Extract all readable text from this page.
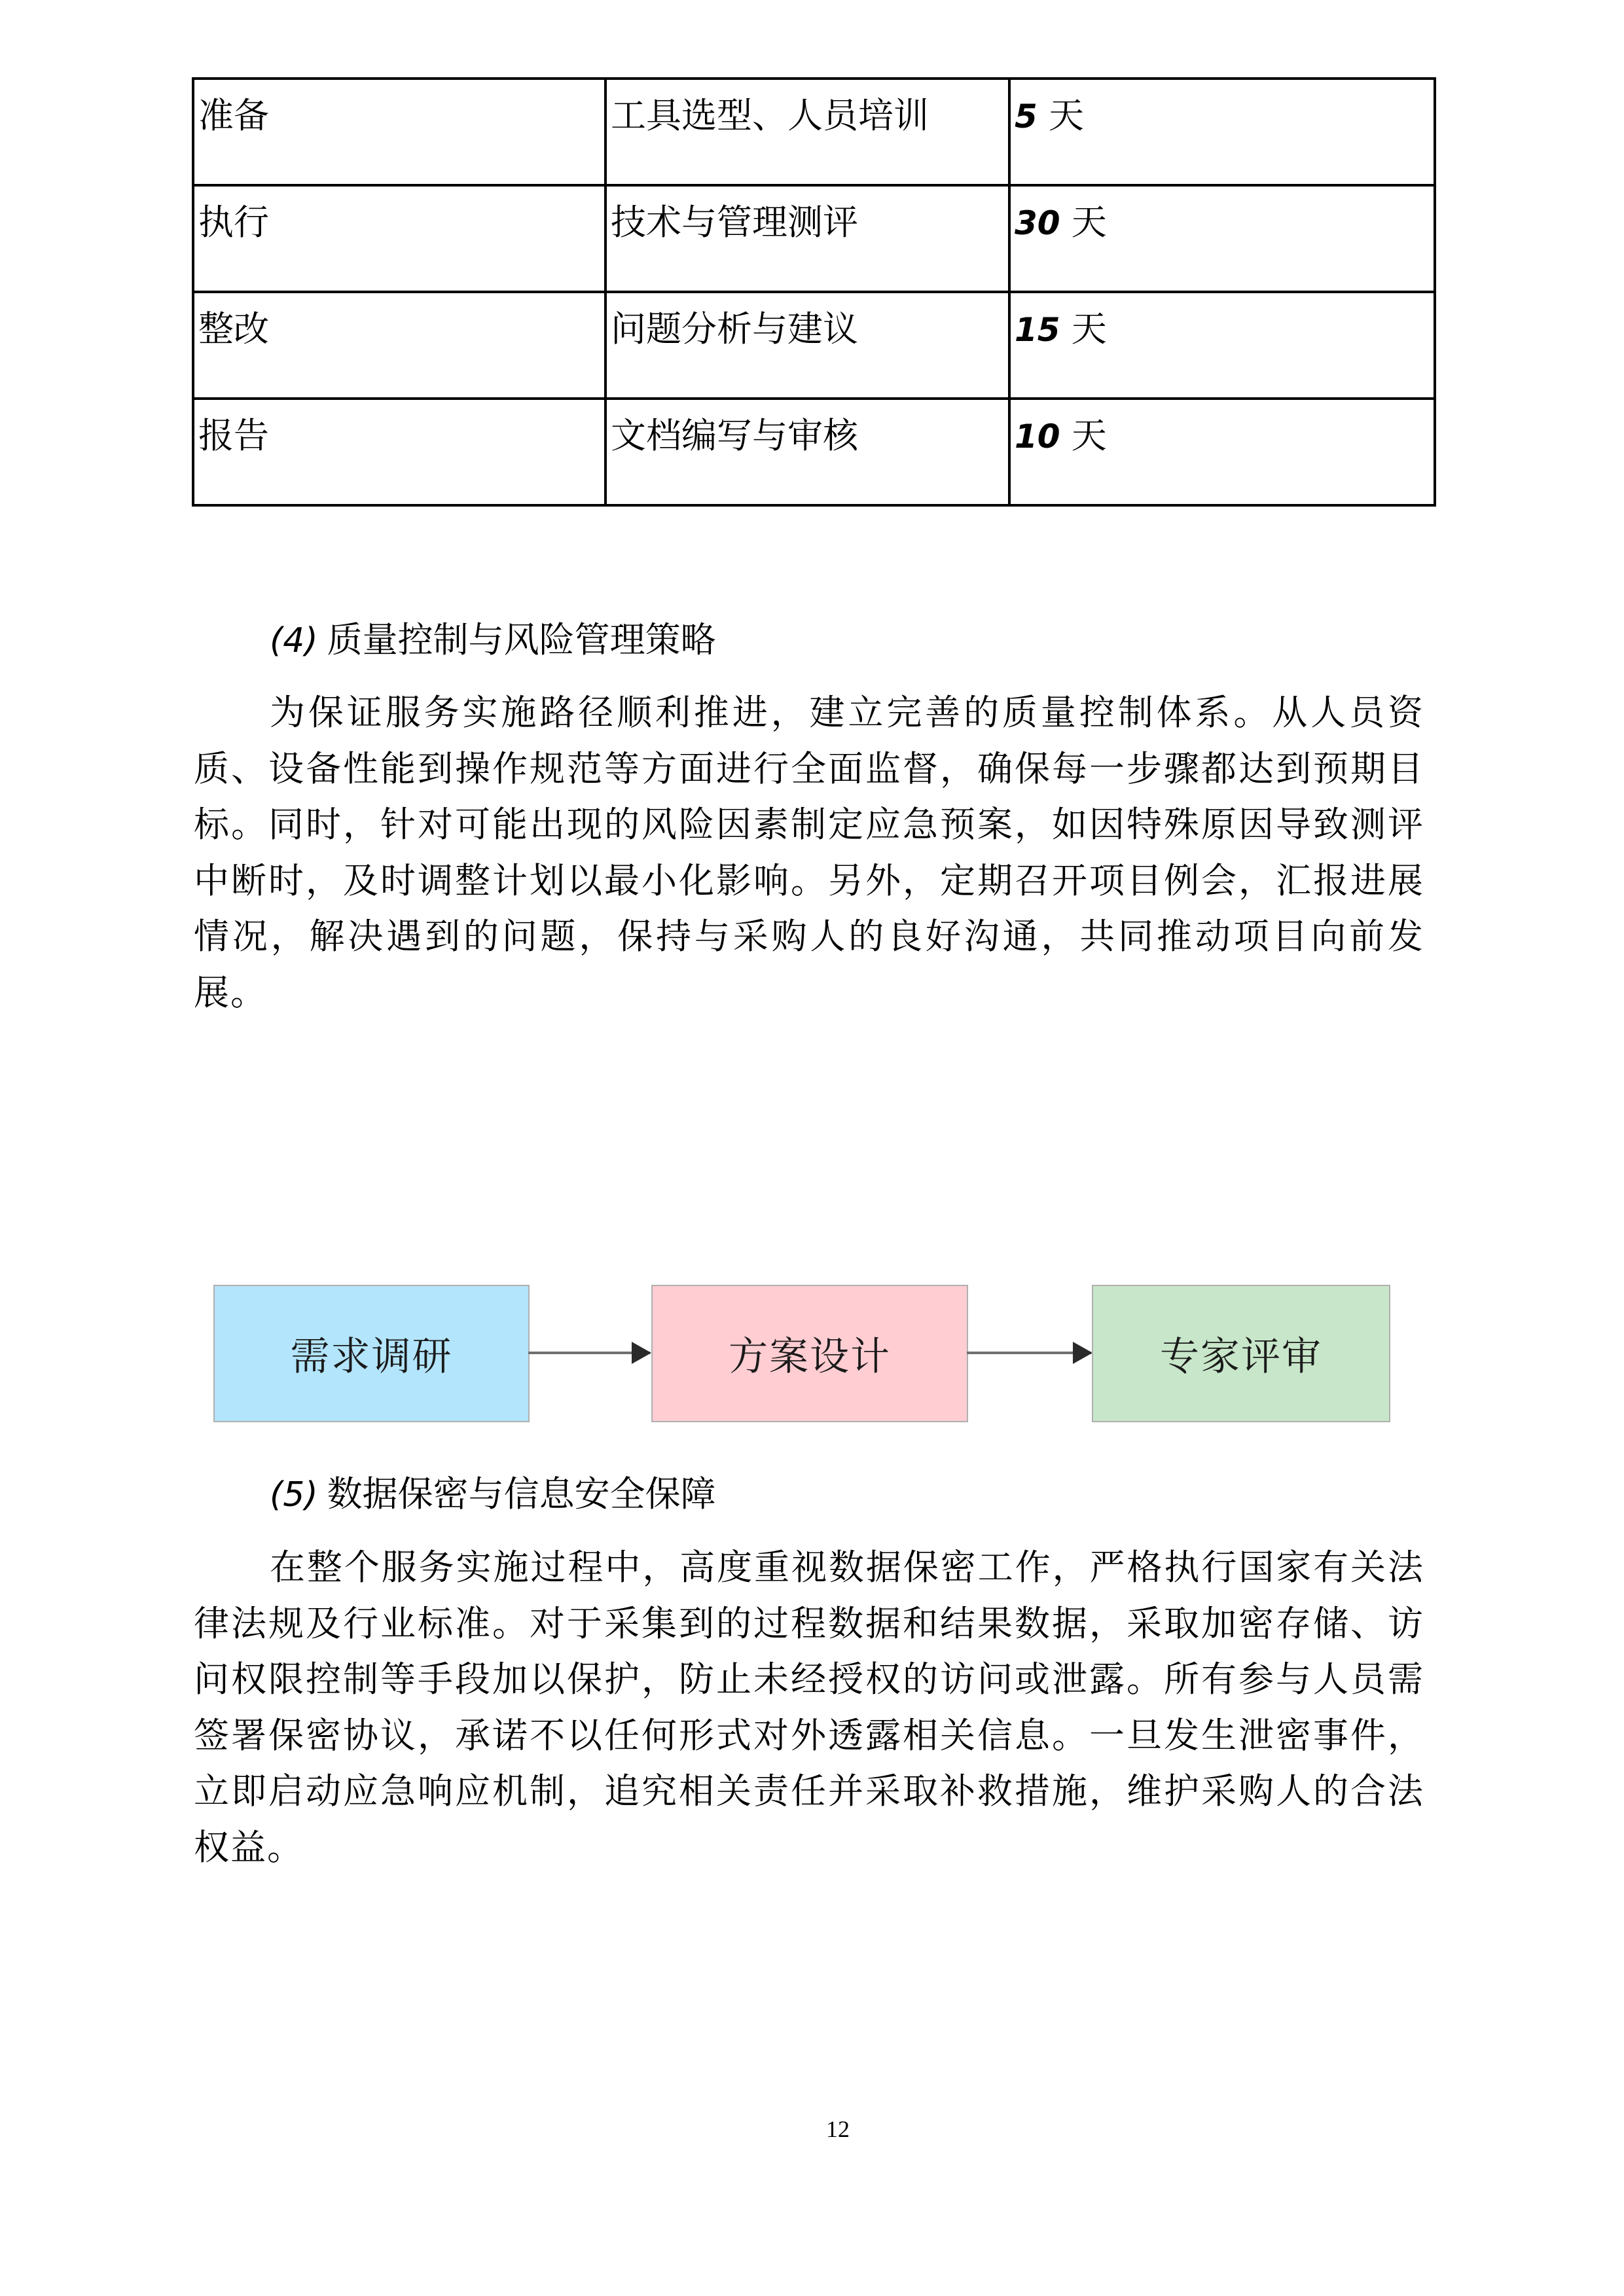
准备	工具选型、人员培训	5 天

执行	技术与管理测评	30 天

整改	问题分析与建议	15 天

报告	文档编写与审核	10 天
(4) 质量控制与风险管理策略

为保证服务实施路径顺利推进，建立完善的质量控制体系。从人员资质、设备性能到操作规范等方面进行全面监督，确保每一步骤都达到预期目标。同时，针对可能出现的风险因素制定应急预案，如因特殊原因导致测评中断时，及时调整计划以最小化影响。另外，定期召开项目例会，汇报进展情况，解决遇到的问题，保持与采购人的良好沟通，共同推动项目向前发展。

需求调研	方案设计	专家评审
(5) 数据保密与信息安全保障

在整个服务实施过程中，高度重视数据保密工作，严格执行国家有关法律法规及行业标准。对于采集到的过程数据和结果数据，采取加密存储、访问权限控制等手段加以保护，防止未经授权的访问或泄露。所有参与人员需签署保密协议，承诺不以任何形式对外透露相关信息。一旦发生泄密事件，立即启动应急响应机制，追究相关责任并采取补救措施，维护采购人的合法权益。

12
